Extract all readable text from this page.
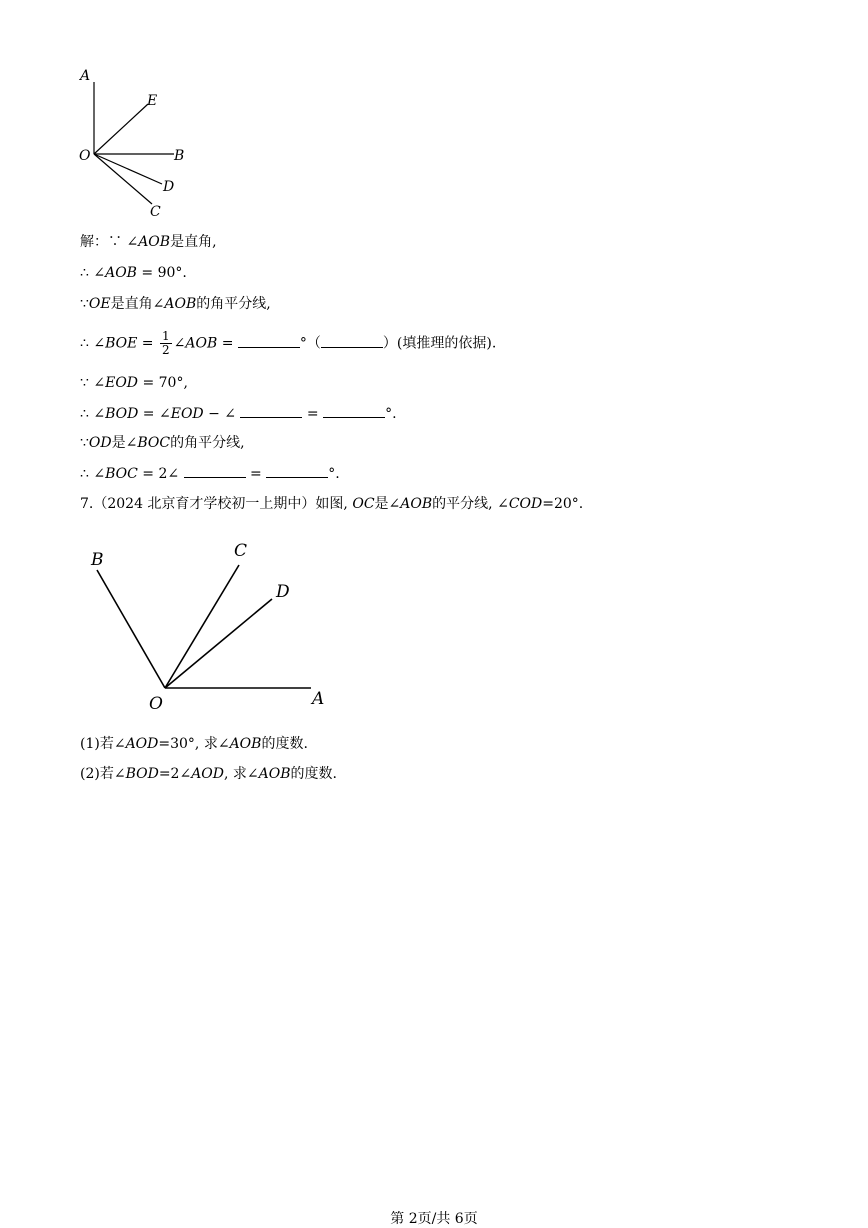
A
E
O	B
D
C
解：∵ ∠AOB是直角,
∴ ∠AOB = 90°.
∵OE是直角∠AOB的角平分线,
∴ ∠BOE = $\frac{1}{2}$ ∠AOB =	°（	）(填推理的依据).
∵ ∠EOD = 70°,
∴ ∠BOD = ∠EOD − ∠	=	°.
∵OD是∠BOC的角平分线,
∴ ∠BOC = 2∠	=	°.
7.（2024 北京育才学校初一上期中）如图, OC是∠AOB的平分线, ∠COD=20°.
B	C
D
O	A
(1)若∠AOD=30°, 求∠AOB的度数.
(2)若∠BOD=2∠AOD, 求∠AOB的度数.
第 2页/共 6页
